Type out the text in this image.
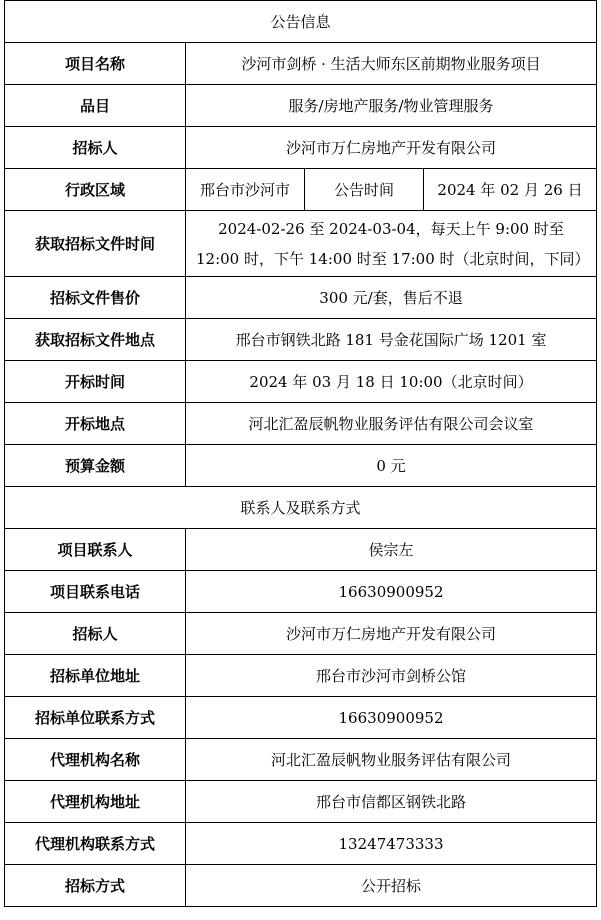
公告信息			
项目名称	沙河市剑桥 · 生活大师东区前期物业服务项目		
品目	服务/房地产服务/物业管理服务		
招标人	沙河市万仁房地产开发有限公司		
行政区域	邢台市沙河市	公告时间	2024 年 02 月 26 日
获取招标文件时间	2024-02-26 至 2024-03-04，每天上午 9:00 时至 12:00 时，下午 14:00 时至 17:00 时（北京时间，下同）		
招标文件售价	300 元/套，售后不退		
获取招标文件地点	邢台市钢铁北路 181 号金花国际广场 1201 室		
开标时间	2024 年 03 月 18 日 10:00（北京时间）		
开标地点	河北汇盈辰帆物业服务评估有限公司会议室		
预算金额	0 元		
联系人及联系方式			
项目联系人	侯宗左		
项目联系电话	16630900952		
招标人	沙河市万仁房地产开发有限公司		
招标单位地址	邢台市沙河市剑桥公馆		
招标单位联系方式	16630900952		
代理机构名称	河北汇盈辰帆物业服务评估有限公司		
代理机构地址	邢台市信都区钢铁北路		
代理机构联系方式	13247473333		
招标方式	公开招标		
